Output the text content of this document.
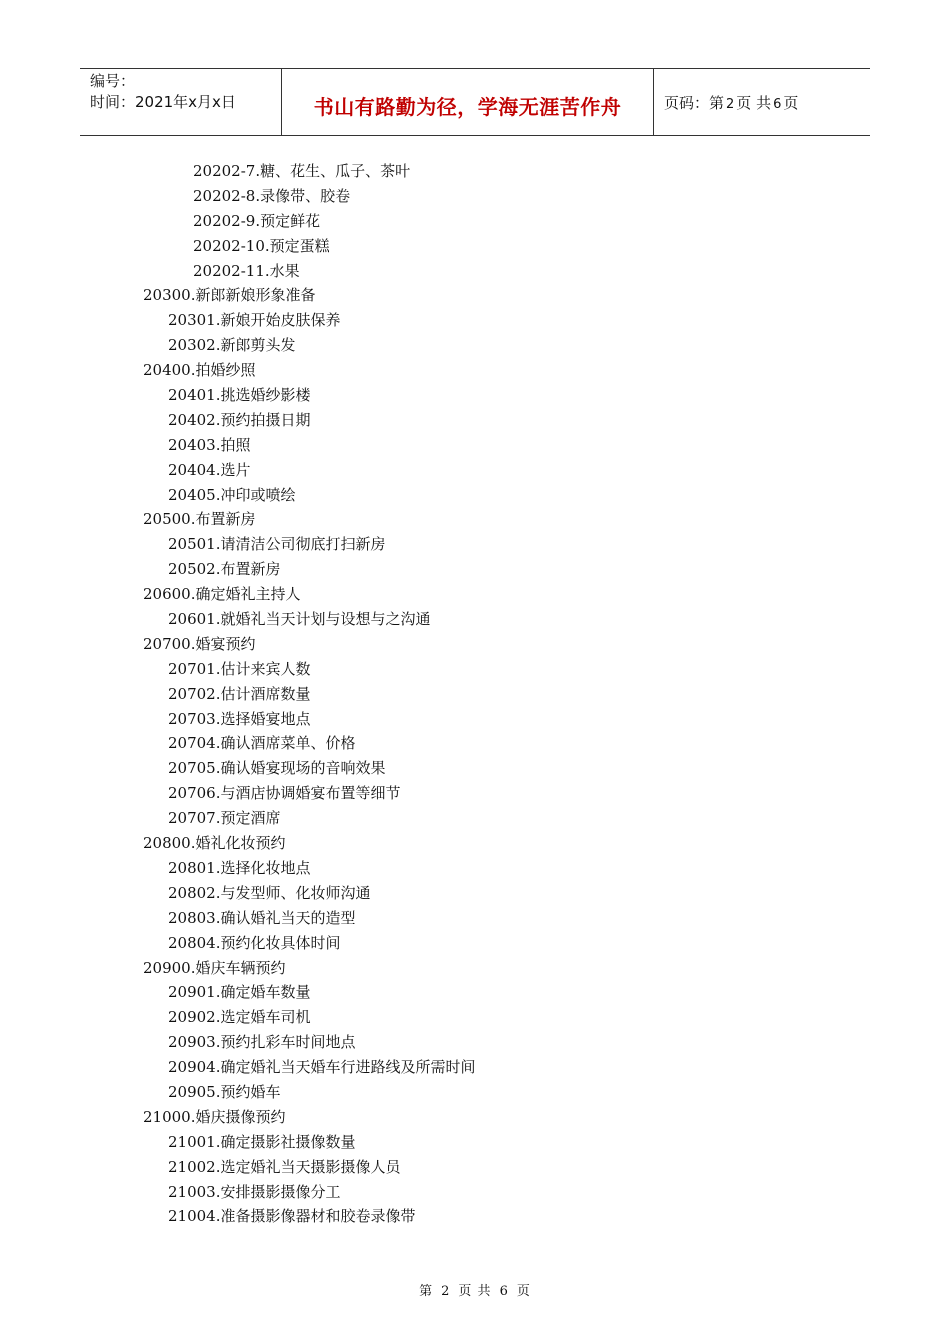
编号：
时间：2021年x月x日	书山有路勤为径，学海无涯苦作舟	页码：第 2 页 共 6 页
20202-7.糖、花生、瓜子、茶叶
20202-8.录像带、胶卷
20202-9.预定鲜花
20202-10.预定蛋糕
20202-11.水果
20300.新郎新娘形象准备
20301.新娘开始皮肤保养
20302.新郎剪头发
20400.拍婚纱照
20401.挑选婚纱影楼
20402.预约拍摄日期
20403.拍照
20404.选片
20405.冲印或喷绘
20500.布置新房
20501.请清洁公司彻底打扫新房
20502.布置新房
20600.确定婚礼主持人
20601.就婚礼当天计划与设想与之沟通
20700.婚宴预约
20701.估计来宾人数
20702.估计酒席数量
20703.选择婚宴地点
20704.确认酒席菜单、价格
20705.确认婚宴现场的音响效果
20706.与酒店协调婚宴布置等细节
20707.预定酒席
20800.婚礼化妆预约
20801.选择化妆地点
20802.与发型师、化妆师沟通
20803.确认婚礼当天的造型
20804.预约化妆具体时间
20900.婚庆车辆预约
20901.确定婚车数量
20902.选定婚车司机
20903.预约扎彩车时间地点
20904.确定婚礼当天婚车行进路线及所需时间
20905.预约婚车
21000.婚庆摄像预约
21001.确定摄影社摄像数量
21002.选定婚礼当天摄影摄像人员
21003.安排摄影摄像分工
21004.准备摄影像器材和胶卷录像带
第 2 页 共 6 页
